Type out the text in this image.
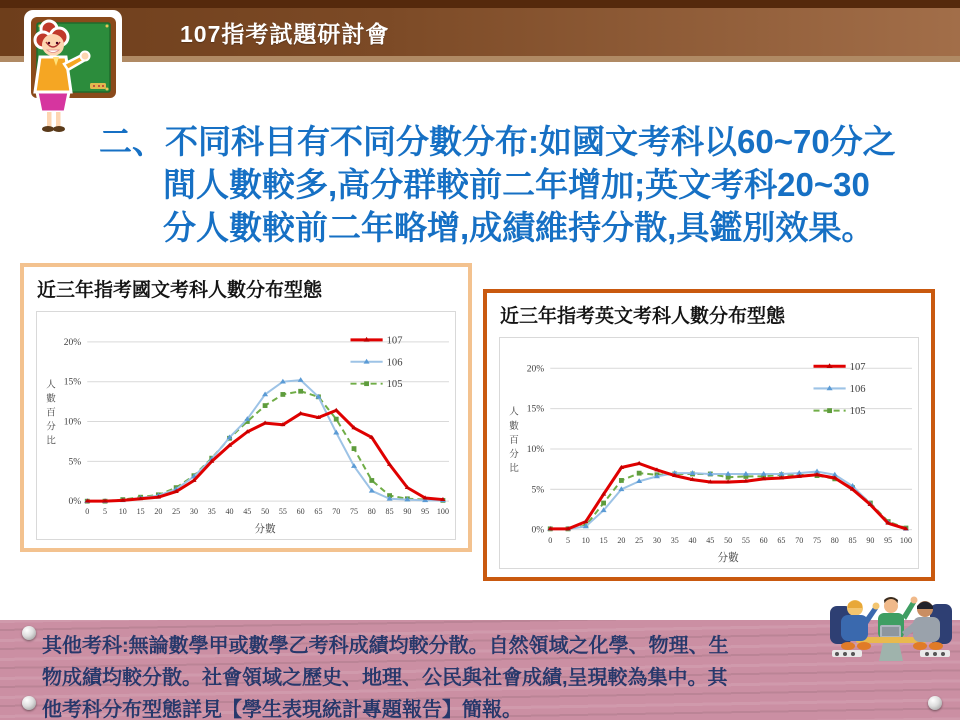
107指考試題研討會
二、不同科目有不同分數分布:如國文考科以60~70分之
間人數較多,高分群較前二年增加;英文考科20~30
分人數較前二年略增,成績維持分散,具鑑別效果。
近三年指考國文考科人數分布型態
0%
5%
10%
15%
20%
0 5 10 15 20 25 30 35 40 45 50 55 60 65 70 75 80 85 90 95 100
分數
人
數
百
分
比
107
106
105
近三年指考英文考科人數分布型態
0%
5%
10%
15%
20%
0 5 10 15 20 25 30 35 40 45 50 55 60 65 70 75 80 85 90 95 100
分數
人
數
百
分
比
107
106
105
其他考科:無論數學甲或數學乙考科成績均較分散。自然領域之化學、物理、生
物成績均較分散。社會領域之歷史、地理、公民與社會成績,呈現較為集中。其
他考科分布型態詳見【學生表現統計專題報告】簡報。
